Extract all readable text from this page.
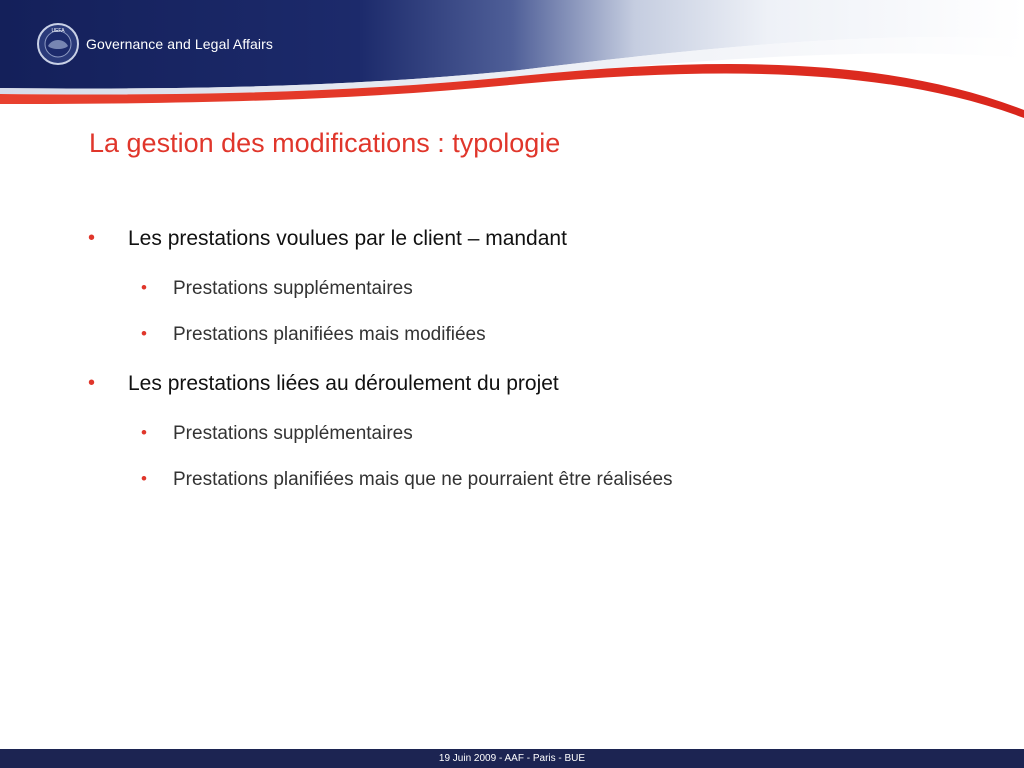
UEFA
Governance and Legal Affairs
La gestion des modifications : typologie
• Les prestations voulues par le client – mandant
• Prestations supplémentaires
• Prestations planifiées mais modifiées
• Les prestations liées au déroulement du projet
• Prestations supplémentaires
• Prestations planifiées mais que ne pourraient être réalisées
19 Juin 2009 - AAF - Paris - BUE
